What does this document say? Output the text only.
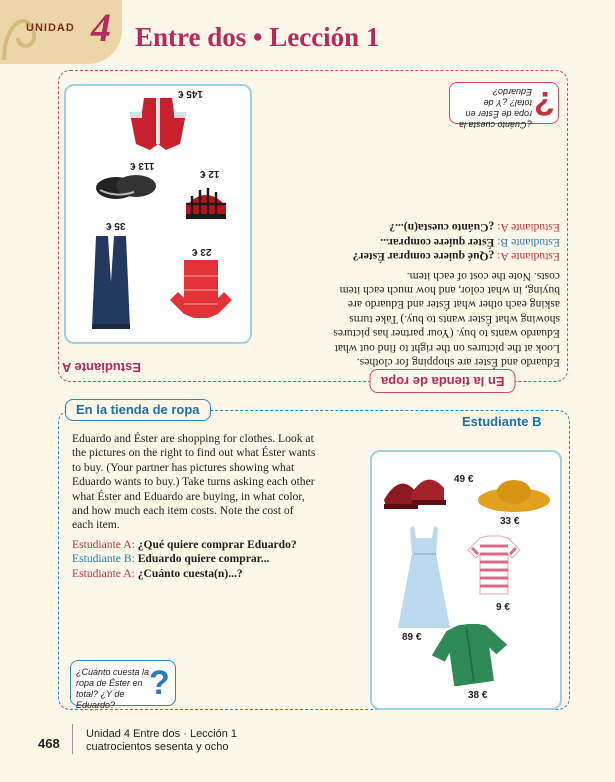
UNIDAD 4 Entre dos • Lección 1
En la tienda de ropa
Estudiante A	Eduardo and Éster are shopping for clothes. Look at the pictures on the right to find out what Eduardo wants to buy. (Your partner has pictures showing what Éster wants to buy.) Take turns asking each other what Éster and Eduardo are buying, in what color, and how much each item costs. Note the cost of each item.

Estudiante A: ¿Qué quiere comprar Éster?

Estudiante B: Éster quiere comprar...

Estudiante A: ¿Cuánto cuesta(n)...?

¿Cuánto cuesta la ropa de Éster en total? ¿Y de Eduardo? ?
145 €
113 €
12 €
35 €
23 €
En la tienda de ropa
Estudiante B

Eduardo and Éster are shopping for clothes. Look at the pictures on the right to find out what Éster wants to buy. (Your partner has pictures showing what Eduardo wants to buy.) Take turns asking each other what Éster and Eduardo are buying, in what color, and how much each item costs. Note the cost of each item.

Estudiante A: ¿Qué quiere comprar Eduardo?

Estudiante B: Eduardo quiere comprar...

Estudiante A: ¿Cuánto cuesta(n)...?

¿Cuánto cuesta la ropa de Éster en total? ¿Y de Eduardo?
?
49 €
33 €
89 €
9 €
38 €
468
Unidad 4 Entre dos · Lección 1
cuatrocientos sesenta y ocho
